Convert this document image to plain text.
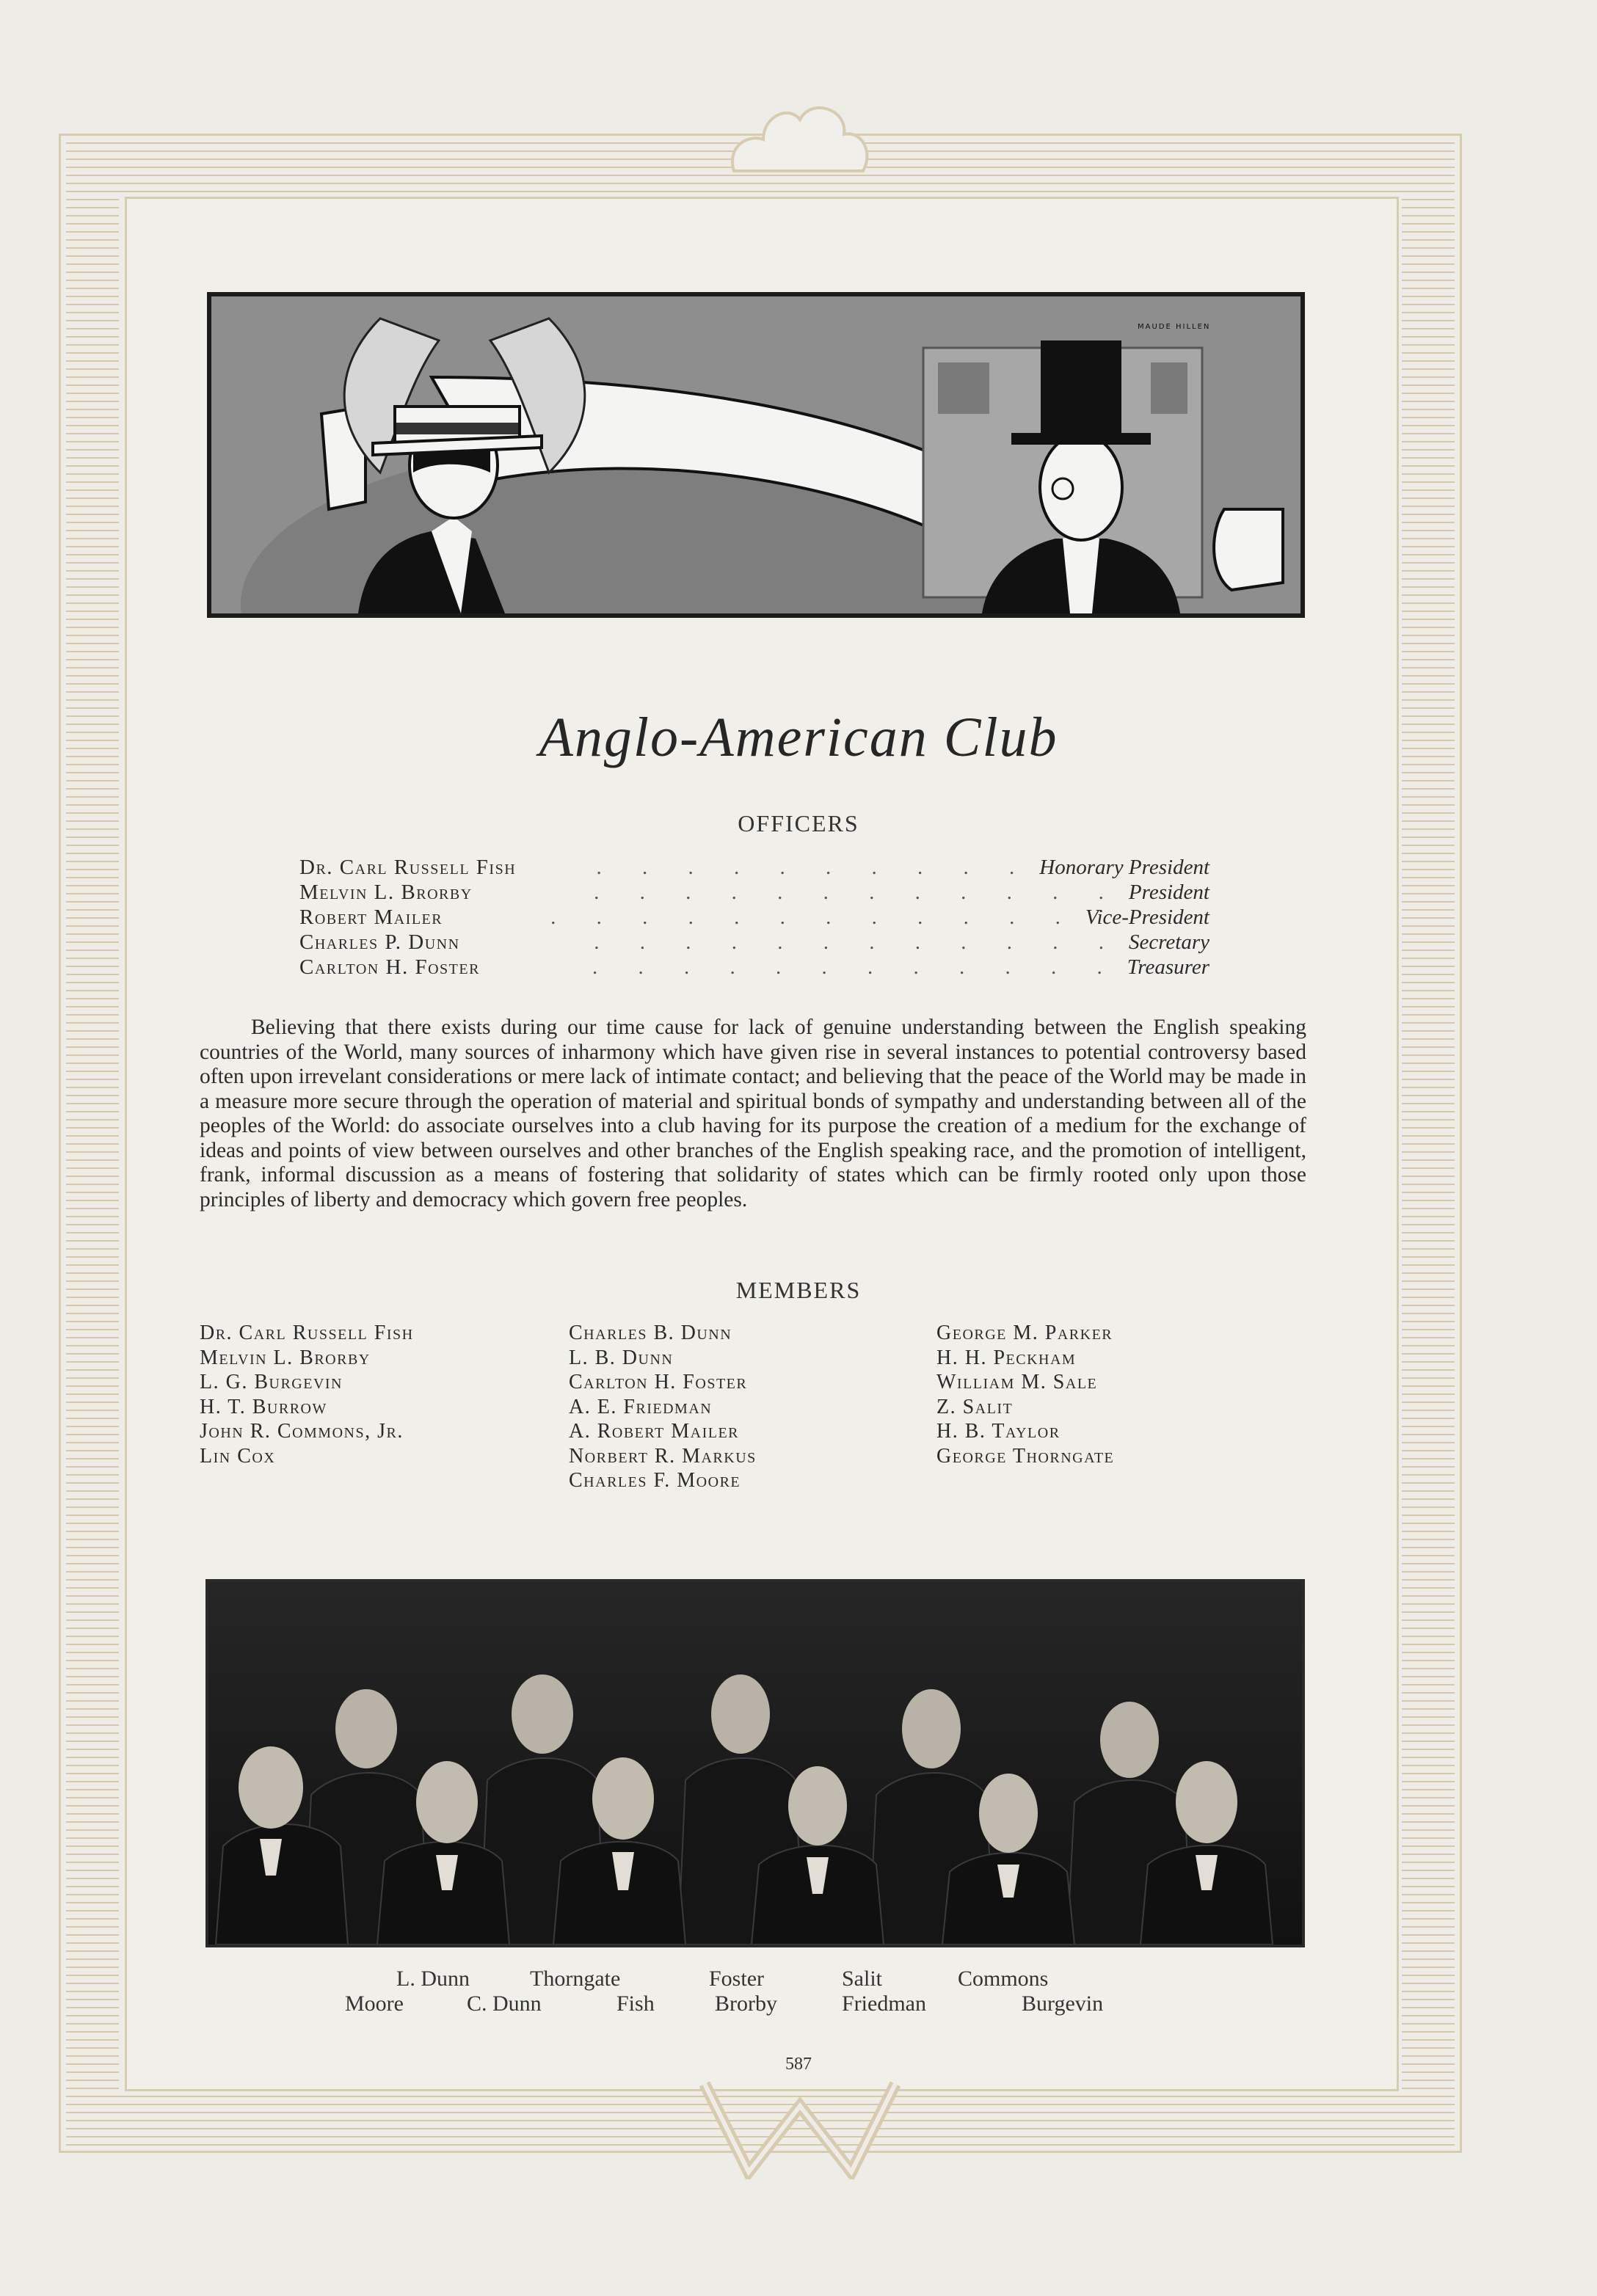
MAUDE HILLEN
Anglo-American Club
OFFICERS
Dr. Carl Russell Fish	. . . . . . . . . . Honorary President
Melvin L. Brorby	. . . . . . . . . . . . President
Robert Mailer	. . . . . . . . . . . . Vice-President
Charles P. Dunn	. . . . . . . . . . . . Secretary
Carlton H. Foster	. . . . . . . . . . . . Treasurer
Believing that there exists during our time cause for lack of genuine understanding between the English speaking countries of the World, many sources of inharmony which have given rise in several instances to potential controversy based often upon irrevelant considerations or mere lack of intimate contact; and believing that the peace of the World may be made in a measure more secure through the operation of material and spiritual bonds of sympathy and understanding between all of the peoples of the World: do associate ourselves into a club having for its purpose the creation of a medium for the exchange of ideas and points of view between ourselves and other branches of the English speaking race, and the promotion of intelligent, frank, informal discussion as a means of fostering that solidarity of states which can be firmly rooted only upon those principles of liberty and democracy which govern free peoples.
MEMBERS
Dr. Carl Russell Fish
Melvin L. Brorby
L. G. Burgevin
H. T. Burrow
John R. Commons, Jr.
Lin Cox
Charles B. Dunn
L. B. Dunn
Carlton H. Foster
A. E. Friedman
A. Robert Mailer
Norbert R. Markus
Charles F. Moore
George M. Parker
H. H. Peckham
William M. Sale
Z. Salit
H. B. Taylor
George Thorngate
L. Dunn	Thorngate	Foster	Salit	Commons
Moore	C. Dunn	Fish	Brorby	Friedman	Burgevin
587
